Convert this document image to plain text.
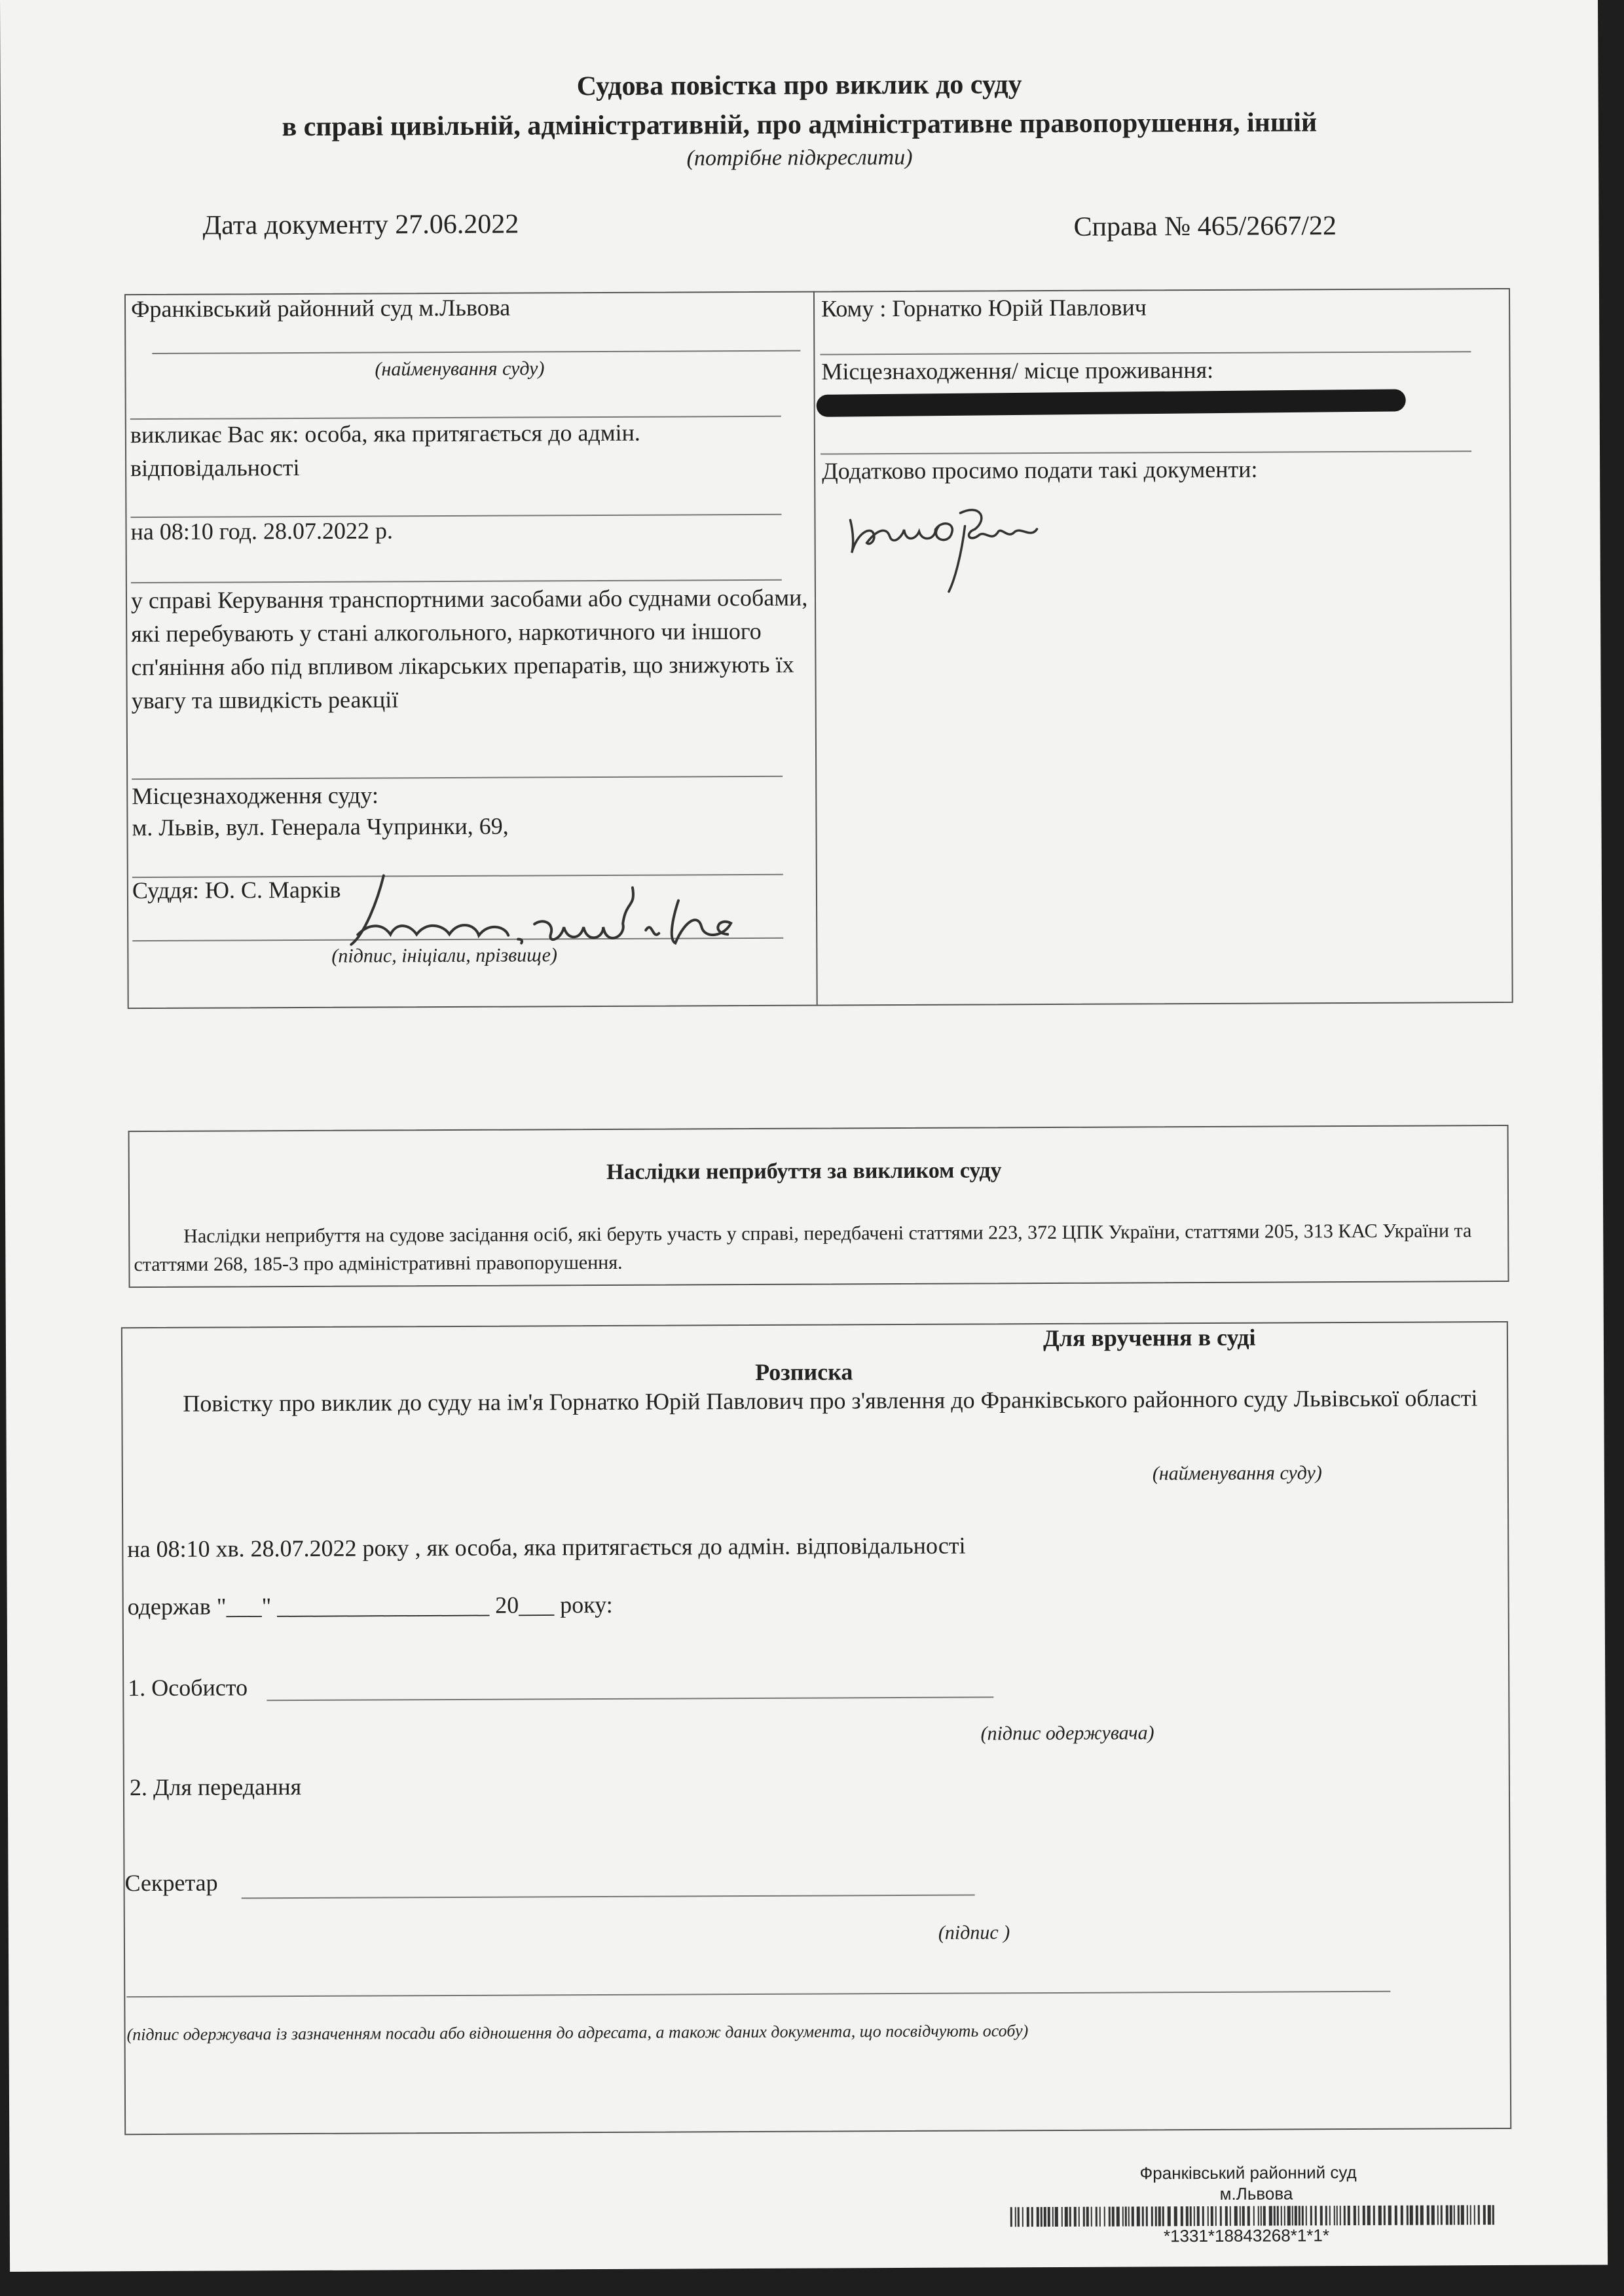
Судова повістка про виклик до суду
в справі цивільній, адміністративній, про адміністративне правопорушення, іншій
(потрібне підкреслити)
Дата документу 27.06.2022	Справа № 465/2667/22
Франківський районний суд м.Львова
(найменування суду)
викликає Вас як: особа, яка притягається до адмін. відповідальності
на 08:10 год. 28.07.2022 р.
у справі Керування транспортними засобами або суднами особами, які перебувають у стані алкогольного, наркотичного чи іншого сп'яніння або під впливом лікарських препаратів, що знижують їх увагу та швидкість реакції
Місцезнаходження суду:
м. Львів, вул. Генерала Чупринки, 69,
Суддя: Ю. С. Марків
(підпис, ініціали, прізвище)
Кому : Горнатко Юрій Павлович
Місцезнаходження/ місце проживання:
Додатково просимо подати такі документи:
Наслідки неприбуття за викликом суду
Наслідки неприбуття на судове засідання осіб, які беруть участь у справі, передбачені статтями 223, 372 ЦПК України, статтями 205, 313 КАС України та статтями 268, 185-3 про адміністративні правопорушення.
Для вручення в суді
Розписка
Повістку про виклик до суду на ім'я Горнатко Юрій Павлович про з'явлення до Франківського районного суду Львівської області
(найменування суду)
на 08:10 хв. 28.07.2022 року , як особа, яка притягається до адмін. відповідальності
одержав "___" __________________ 20___ року:
1. Особисто
(підпис одержувача)
2. Для передання
Секретар
(підпис )
(підпис одержувача із зазначенням посади або відношення до адресата, а також даних документа, що посвідчують особу)
Франківський районний суд
м.Львова
*1331*18843268*1*1*
